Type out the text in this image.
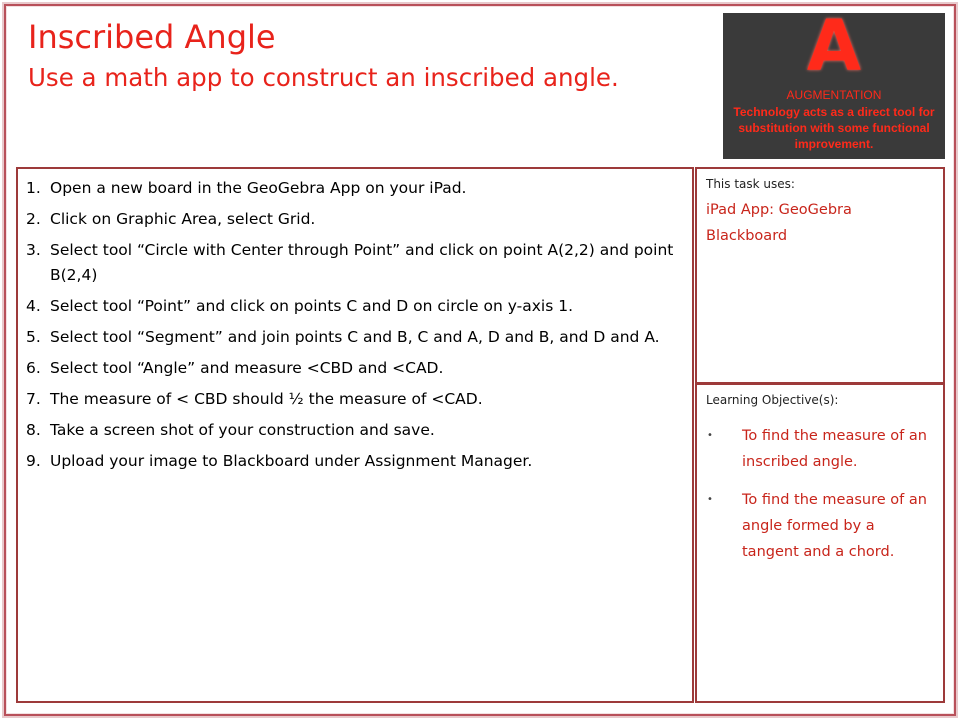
Inscribed Angle

Use a math app to construct an inscribed angle.	A
AUGMENTATION
Technology acts as a direct tool for substitution with some functional improvement.
1. Open a new board in the GeoGebra App on your iPad.
2. Click on Graphic Area, select Grid.
3. Select tool “Circle with Center through Point” and click on point A(2,2) and point B(2,4)
4. Select tool “Point” and click on points C and D on circle on y-axis 1.
5. Select tool “Segment” and join points C and B, C and A, D and B, and D and A.
6. Select tool “Angle” and measure <CBD and <CAD.
7. The measure of < CBD should ½ the measure of <CAD.
8. Take a screen shot of your construction and save.
9. Upload your image to Blackboard under Assignment Manager.

This task uses:

iPad App: GeoGebra
Blackboard

Learning Objective(s):

•	To find the measure of an inscribed angle.
•	To find the measure of an angle formed by a tangent and a chord.
